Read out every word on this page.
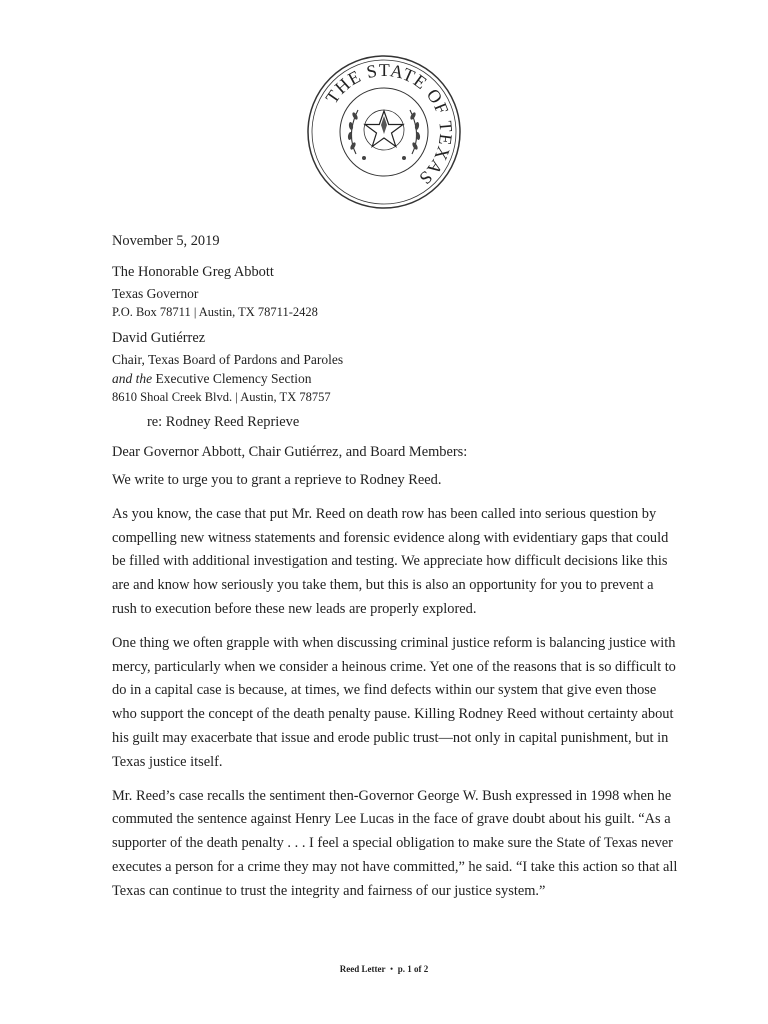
THE STATE OF TEXAS
November 5, 2019
The Honorable Greg Abbott
Texas Governor
P.O. Box 78711 | Austin, TX 78711-2428
David Gutiérrez
Chair, Texas Board of Pardons and Paroles
and the Executive Clemency Section
8610 Shoal Creek Blvd. | Austin, TX 78757
re: Rodney Reed Reprieve
Dear Governor Abbott, Chair Gutiérrez, and Board Members:

We write to urge you to grant a reprieve to Rodney Reed.

As you know, the case that put Mr. Reed on death row has been called into serious question by compelling new witness statements and forensic evidence along with evidentiary gaps that could be filled with additional investigation and testing. We appreciate how difficult decisions like this are and know how seriously you take them, but this is also an opportunity for you to prevent a rush to execution before these new leads are properly explored.

One thing we often grapple with when discussing criminal justice reform is balancing justice with mercy, particularly when we consider a heinous crime. Yet one of the reasons that is so difficult to do in a capital case is because, at times, we find defects within our system that give even those who support the concept of the death penalty pause. Killing Rodney Reed without certainty about his guilt may exacerbate that issue and erode public trust—not only in capital punishment, but in Texas justice itself.

Mr. Reed’s case recalls the sentiment then-Governor George W. Bush expressed in 1998 when he commuted the sentence against Henry Lee Lucas in the face of grave doubt about his guilt. “As a supporter of the death penalty . . . I feel a special obligation to make sure the State of Texas never executes a person for a crime they may not have committed,” he said. “I take this action so that all Texas can continue to trust the integrity and fairness of our justice system.”

Reed Letter • p. 1 of 2
